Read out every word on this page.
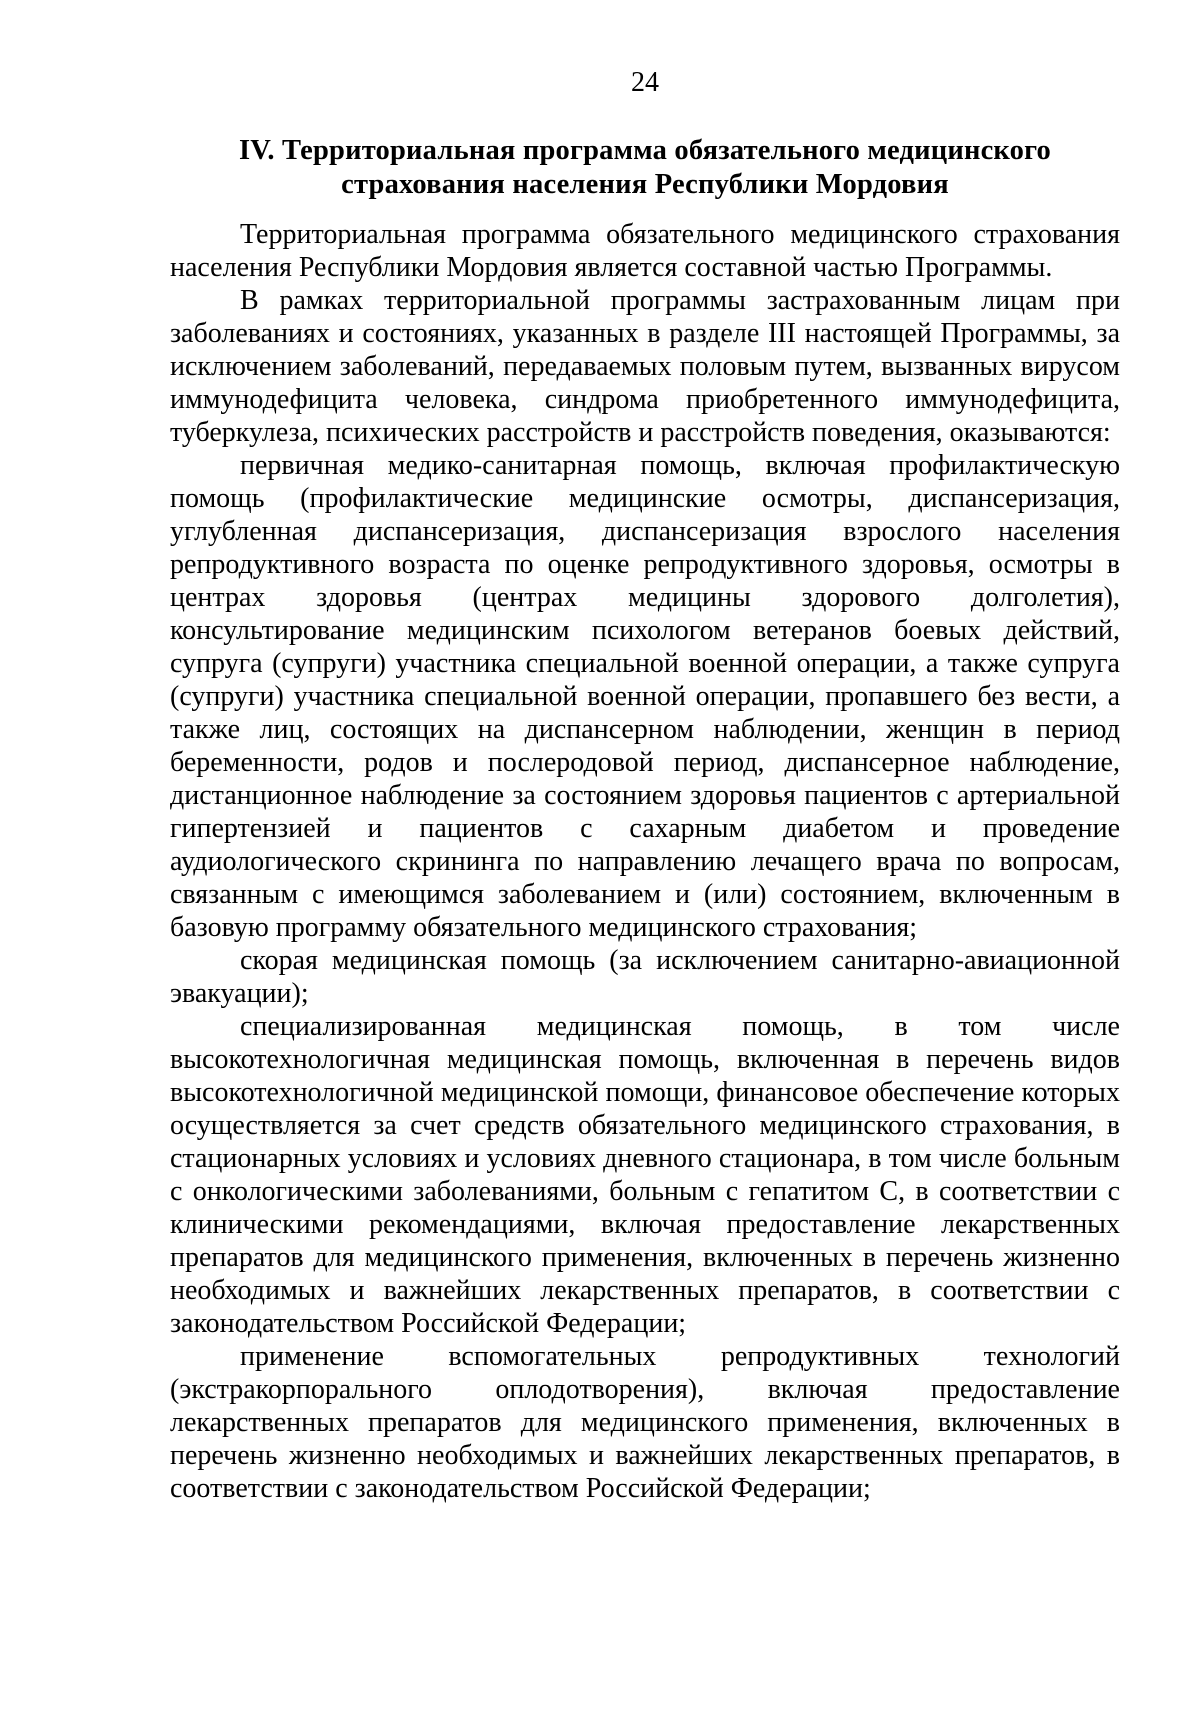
24
IV. Территориальная программа обязательного медицинского
страхования населения Республики Мордовия

Территориальная программа обязательного медицинского страхования населения Республики Мордовия является составной частью Программы.

В рамках территориальной программы застрахованным лицам при заболеваниях и состояниях, указанных в разделе III настоящей Программы, за исключением заболеваний, передаваемых половым путем, вызванных вирусом иммунодефицита человека, синдрома приобретенного иммунодефицита, туберкулеза, психических расстройств и расстройств поведения, оказываются:

первичная медико-санитарная помощь, включая профилактическую помощь (профилактические медицинские осмотры, диспансеризация, углубленная диспансеризация, диспансеризация взрослого населения репродуктивного возраста по оценке репродуктивного здоровья, осмотры в центрах здоровья (центрах медицины здорового долголетия), консультирование медицинским психологом ветеранов боевых действий, супруга (супруги) участника специальной военной операции, а также супруга (супруги) участника специальной военной операции, пропавшего без вести, а также лиц, состоящих на диспансерном наблюдении, женщин в период беременности, родов и послеродовой период, диспансерное наблюдение, дистанционное наблюдение за состоянием здоровья пациентов с артериальной гипертензией и пациентов с сахарным диабетом и проведение аудиологического скрининга по направлению лечащего врача по вопросам, связанным с имеющимся заболеванием и (или) состоянием, включенным в базовую программу обязательного медицинского страхования;

скорая медицинская помощь (за исключением санитарно-авиационной эвакуации);

специализированная медицинская помощь, в том числе высокотехнологичная медицинская помощь, включенная в перечень видов высокотехнологичной медицинской помощи, финансовое обеспечение которых осуществляется за счет средств обязательного медицинского страхования, в стационарных условиях и условиях дневного стационара, в том числе больным с онкологическими заболеваниями, больным с гепатитом С, в соответствии с клиническими рекомендациями, включая предоставление лекарственных препаратов для медицинского применения, включенных в перечень жизненно необходимых и важнейших лекарственных препаратов, в соответствии с законодательством Российской Федерации;

применение вспомогательных репродуктивных технологий (экстракорпорального оплодотворения), включая предоставление лекарственных препаратов для медицинского применения, включенных в перечень жизненно необходимых и важнейших лекарственных препаратов, в соответствии с законодательством Российской Федерации;
